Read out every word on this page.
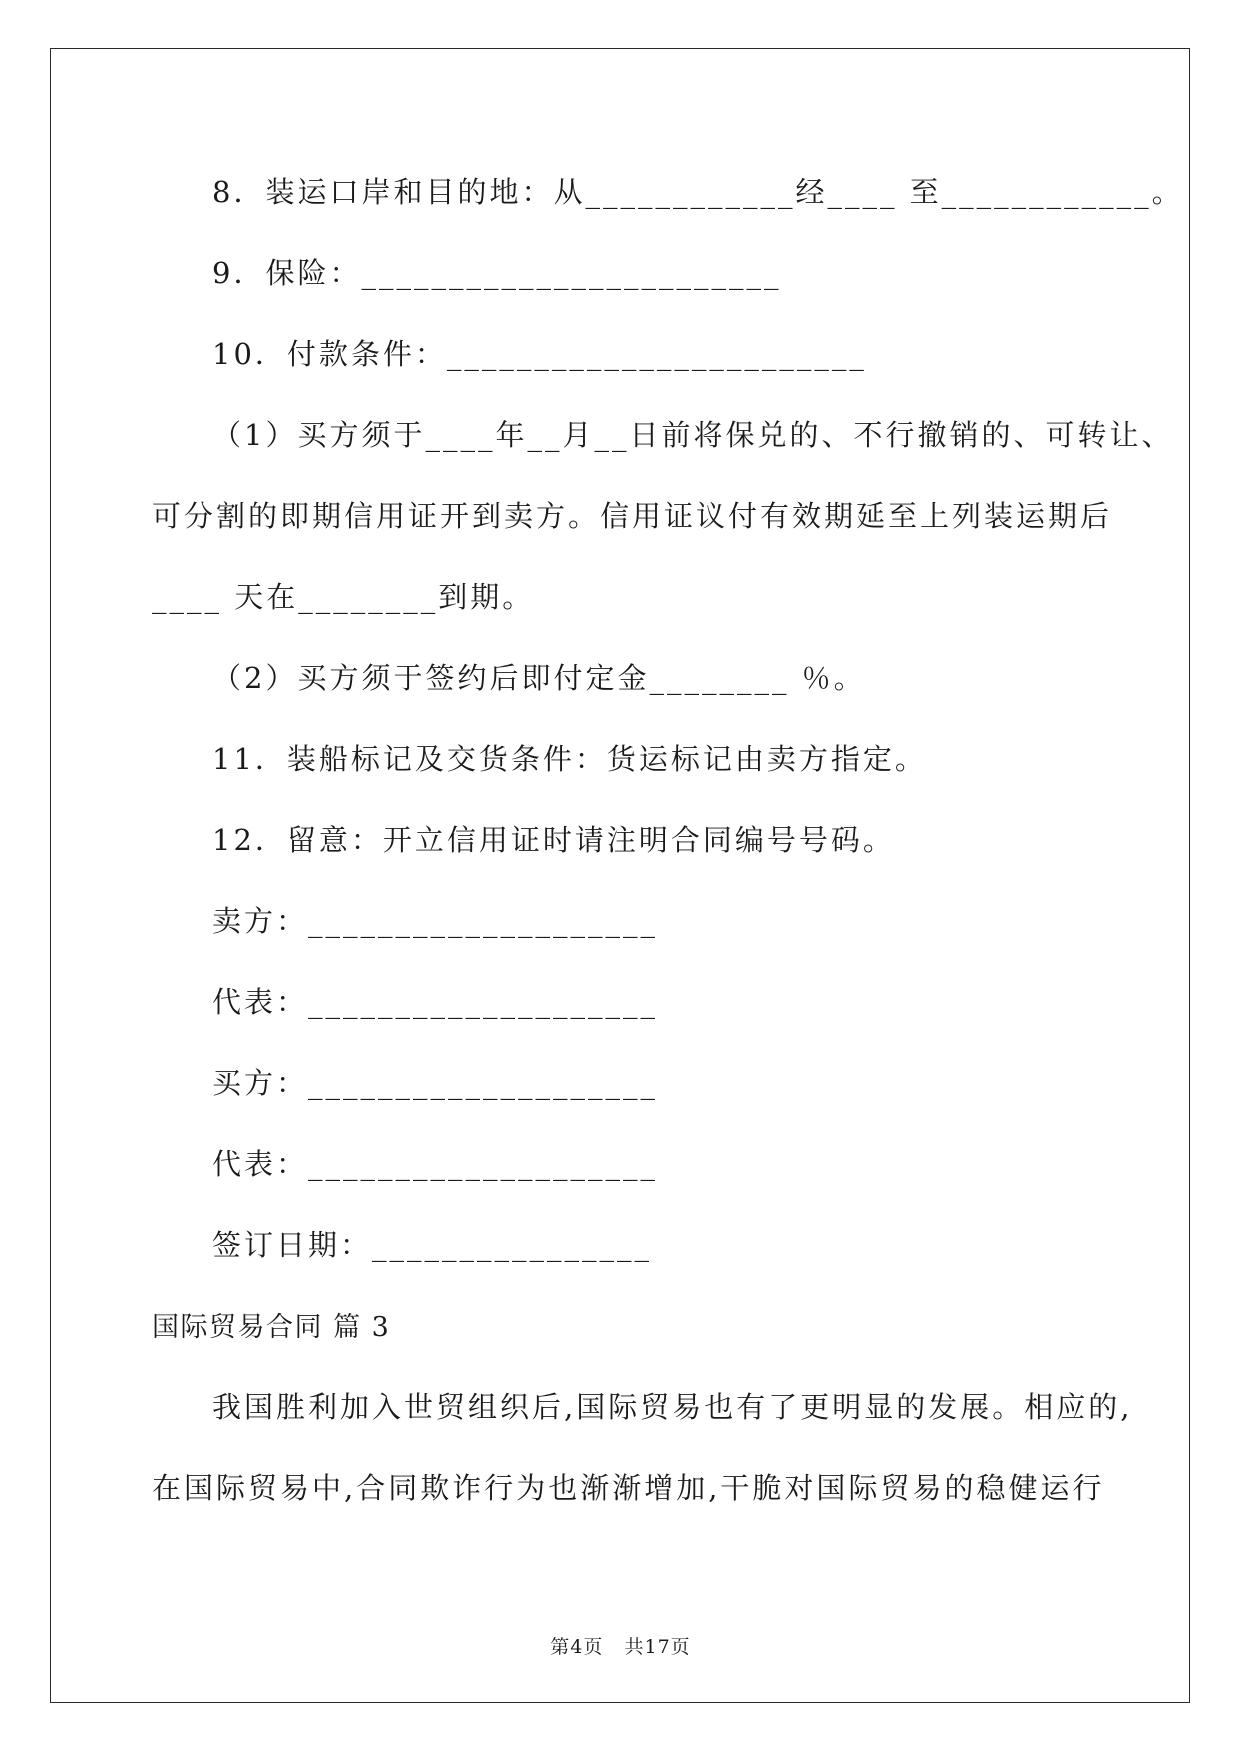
8．装运口岸和目的地：从____________经____ 至____________。
9．保险：________________________
10．付款条件：________________________
（1）买方须于____年__月__日前将保兑的、不行撤销的、可转让、
可分割的即期信用证开到卖方。信用证议付有效期延至上列装运期后
____ 天在________到期。
（2）买方须于签约后即付定金________ ％。
11．装船标记及交货条件：货运标记由卖方指定。
12．留意：开立信用证时请注明合同编号号码。
卖方：____________________
代表：____________________
买方：____________________
代表：____________________
签订日期：________________
国际贸易合同 篇 3
我国胜利加入世贸组织后,国际贸易也有了更明显的发展。相应的,
在国际贸易中,合同欺诈行为也渐渐增加,干脆对国际贸易的稳健运行
第4页   共17页
